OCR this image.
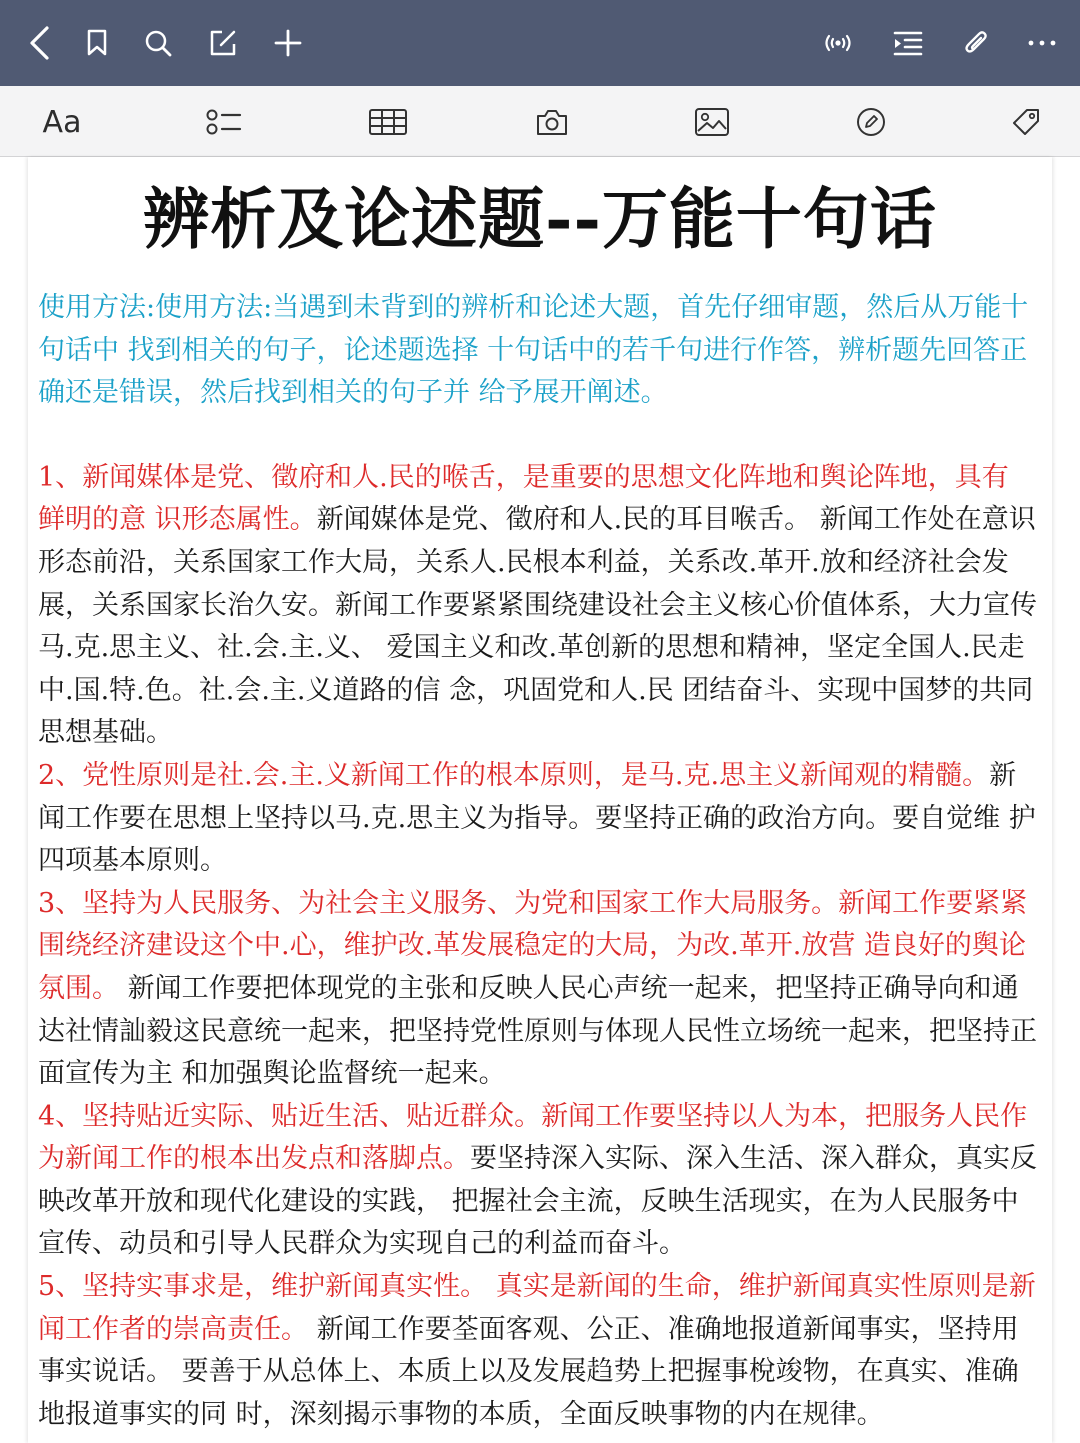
Aa
辨析及论述题--万能十句话

使用方法:使用方法:当遇到未背到的辨析和论述大题，首先仔细审题，然后从万能十句话中 找到相关的句子，论述题选择 十句话中的若千句进行作答，辨析题先回答正确还是错误，然后找到相关的句子并 给予展开阐述。

1、新闻媒体是党、徵府和人.民的喉舌，是重要的思想文化阵地和舆论阵地，具有 鲜明的意 识形态属性。新闻媒体是党、徵府和人.民的耳目喉舌。 新闻工作处在意识形态前沿，关系国家工作大局，关系人.民根本利益，关系改.革开.放和经济社会发展，关系国家长治久安。新闻工作要紧紧围绕建设社会主义核心价值体系，大力宣传马.克.思主义、社.会.主.义、 爱国主义和改.革创新的思想和精神，坚定全国人.民走中.国.特.色。社.会.主.义道路的信 念，巩固党和人.民 团结奋斗、实现中国梦的共同思想基础。

2、党性原则是社.会.主.义新闻工作的根本原则，是马.克.思主义新闻观的精髓。新闻工作要在思想上坚持以马.克.思主义为指导。要坚持正确的政治方向。要自觉维 护四项基本原则。

3、坚持为人民服务、为社会主义服务、为党和国家工作大局服务。新闻工作要紧紧围绕经济建设这个中.心，维护改.革发展稳定的大局，为改.革开.放营 造良好的舆论氛围。 新闻工作要把体现党的主张和反映人民心声统一起来，把坚持正确导向和通达社情訕毅这民意统一起来，把坚持党性原则与体现人民性立场统一起来，把坚持正面宣传为主 和加强舆论监督统一起来。

4、坚持贴近实际、贴近生活、贴近群众。新闻工作要坚持以人为本，把服务人民作为新闻工作的根本出发点和落脚点。要坚持深入实际、深入生活、深入群众，真实反映改革开放和现代化建设的实践， 把握社会主流，反映生活现实，在为人民服务中宣传、动员和引导人民群众为实现自己的利益而奋斗。

5、坚持实事求是，维护新闻真实性。 真实是新闻的生命，维护新闻真实性原则是新闻工作者的崇高责任。 新闻工作要荃面客观、公正、准确地报道新闻事实，坚持用事实说话。 要善于从总体上、本质上以及发展趋势上把握事梲竣物，在真实、准确地报道事实的同 时，深刻揭示事物的本质，全面反映事物的内在规律。
